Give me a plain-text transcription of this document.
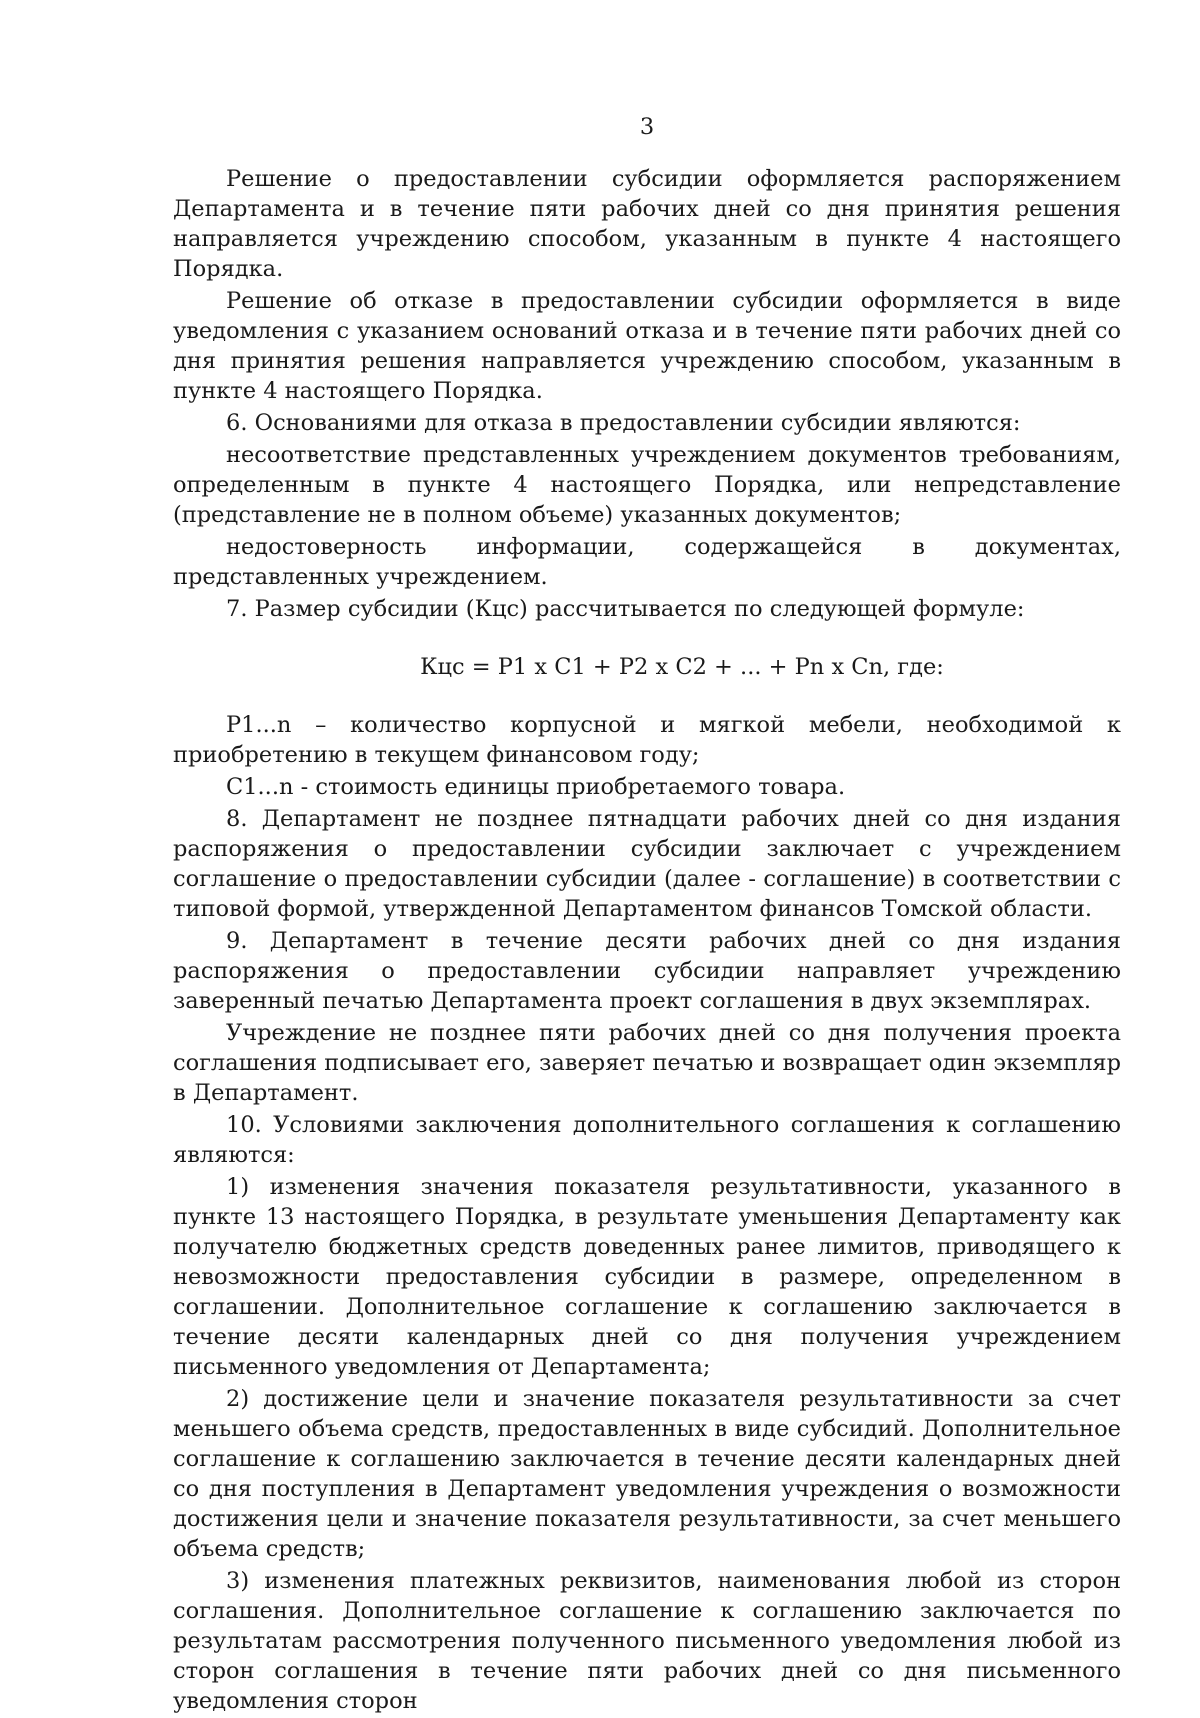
3

Решение о предоставлении субсидии оформляется распоряжением Департамента и в течение пяти рабочих дней со дня принятия решения направляется учреждению способом, указанным в пункте 4 настоящего Порядка.

Решение об отказе в предоставлении субсидии оформляется в виде уведомления с указанием оснований отказа и в течение пяти рабочих дней со дня принятия решения направляется учреждению способом, указанным в пункте 4 настоящего Порядка.

6. Основаниями для отказа в предоставлении субсидии являются:

несоответствие представленных учреждением документов требованиям, определенным в пункте 4 настоящего Порядка, или непредставление (представление не в полном объеме) указанных документов;

недостоверность информации, содержащейся в документах, представленных учреждением.

7. Размер субсидии (Кцс) рассчитывается по следующей формуле:

Кцс = P1 x C1 + P2 x C2 + ... + Pn x Cn, где:

P1...n – количество корпусной и мягкой мебели, необходимой к приобретению в текущем финансовом году;

C1...n - стоимость единицы приобретаемого товара.

8. Департамент не позднее пятнадцати рабочих дней со дня издания распоряжения о предоставлении субсидии заключает с учреждением соглашение о предоставлении субсидии (далее - соглашение) в соответствии с типовой формой, утвержденной Департаментом финансов Томской области.

9. Департамент в течение десяти рабочих дней со дня издания распоряжения о предоставлении субсидии направляет учреждению заверенный печатью Департамента проект соглашения в двух экземплярах.

Учреждение не позднее пяти рабочих дней со дня получения проекта соглашения подписывает его, заверяет печатью и возвращает один экземпляр в Департамент.

10. Условиями заключения дополнительного соглашения к соглашению являются:

1) изменения значения показателя результативности, указанного в пункте 13 настоящего Порядка, в результате уменьшения Департаменту как получателю бюджетных средств доведенных ранее лимитов, приводящего к невозможности предоставления субсидии в размере, определенном в соглашении. Дополнительное соглашение к соглашению заключается в течение десяти календарных дней со дня получения учреждением письменного уведомления от Департамента;

2) достижение цели и значение показателя результативности за счет меньшего объема средств, предоставленных в виде субсидий. Дополнительное соглашение к соглашению заключается в течение десяти календарных дней со дня поступления в Департамент уведомления учреждения о возможности достижения цели и значение показателя результативности, за счет меньшего объема средств;

3) изменения платежных реквизитов, наименования любой из сторон соглашения. Дополнительное соглашение к соглашению заключается по результатам рассмотрения полученного письменного уведомления любой из сторон соглашения в течение пяти рабочих дней со дня письменного уведомления сторон
